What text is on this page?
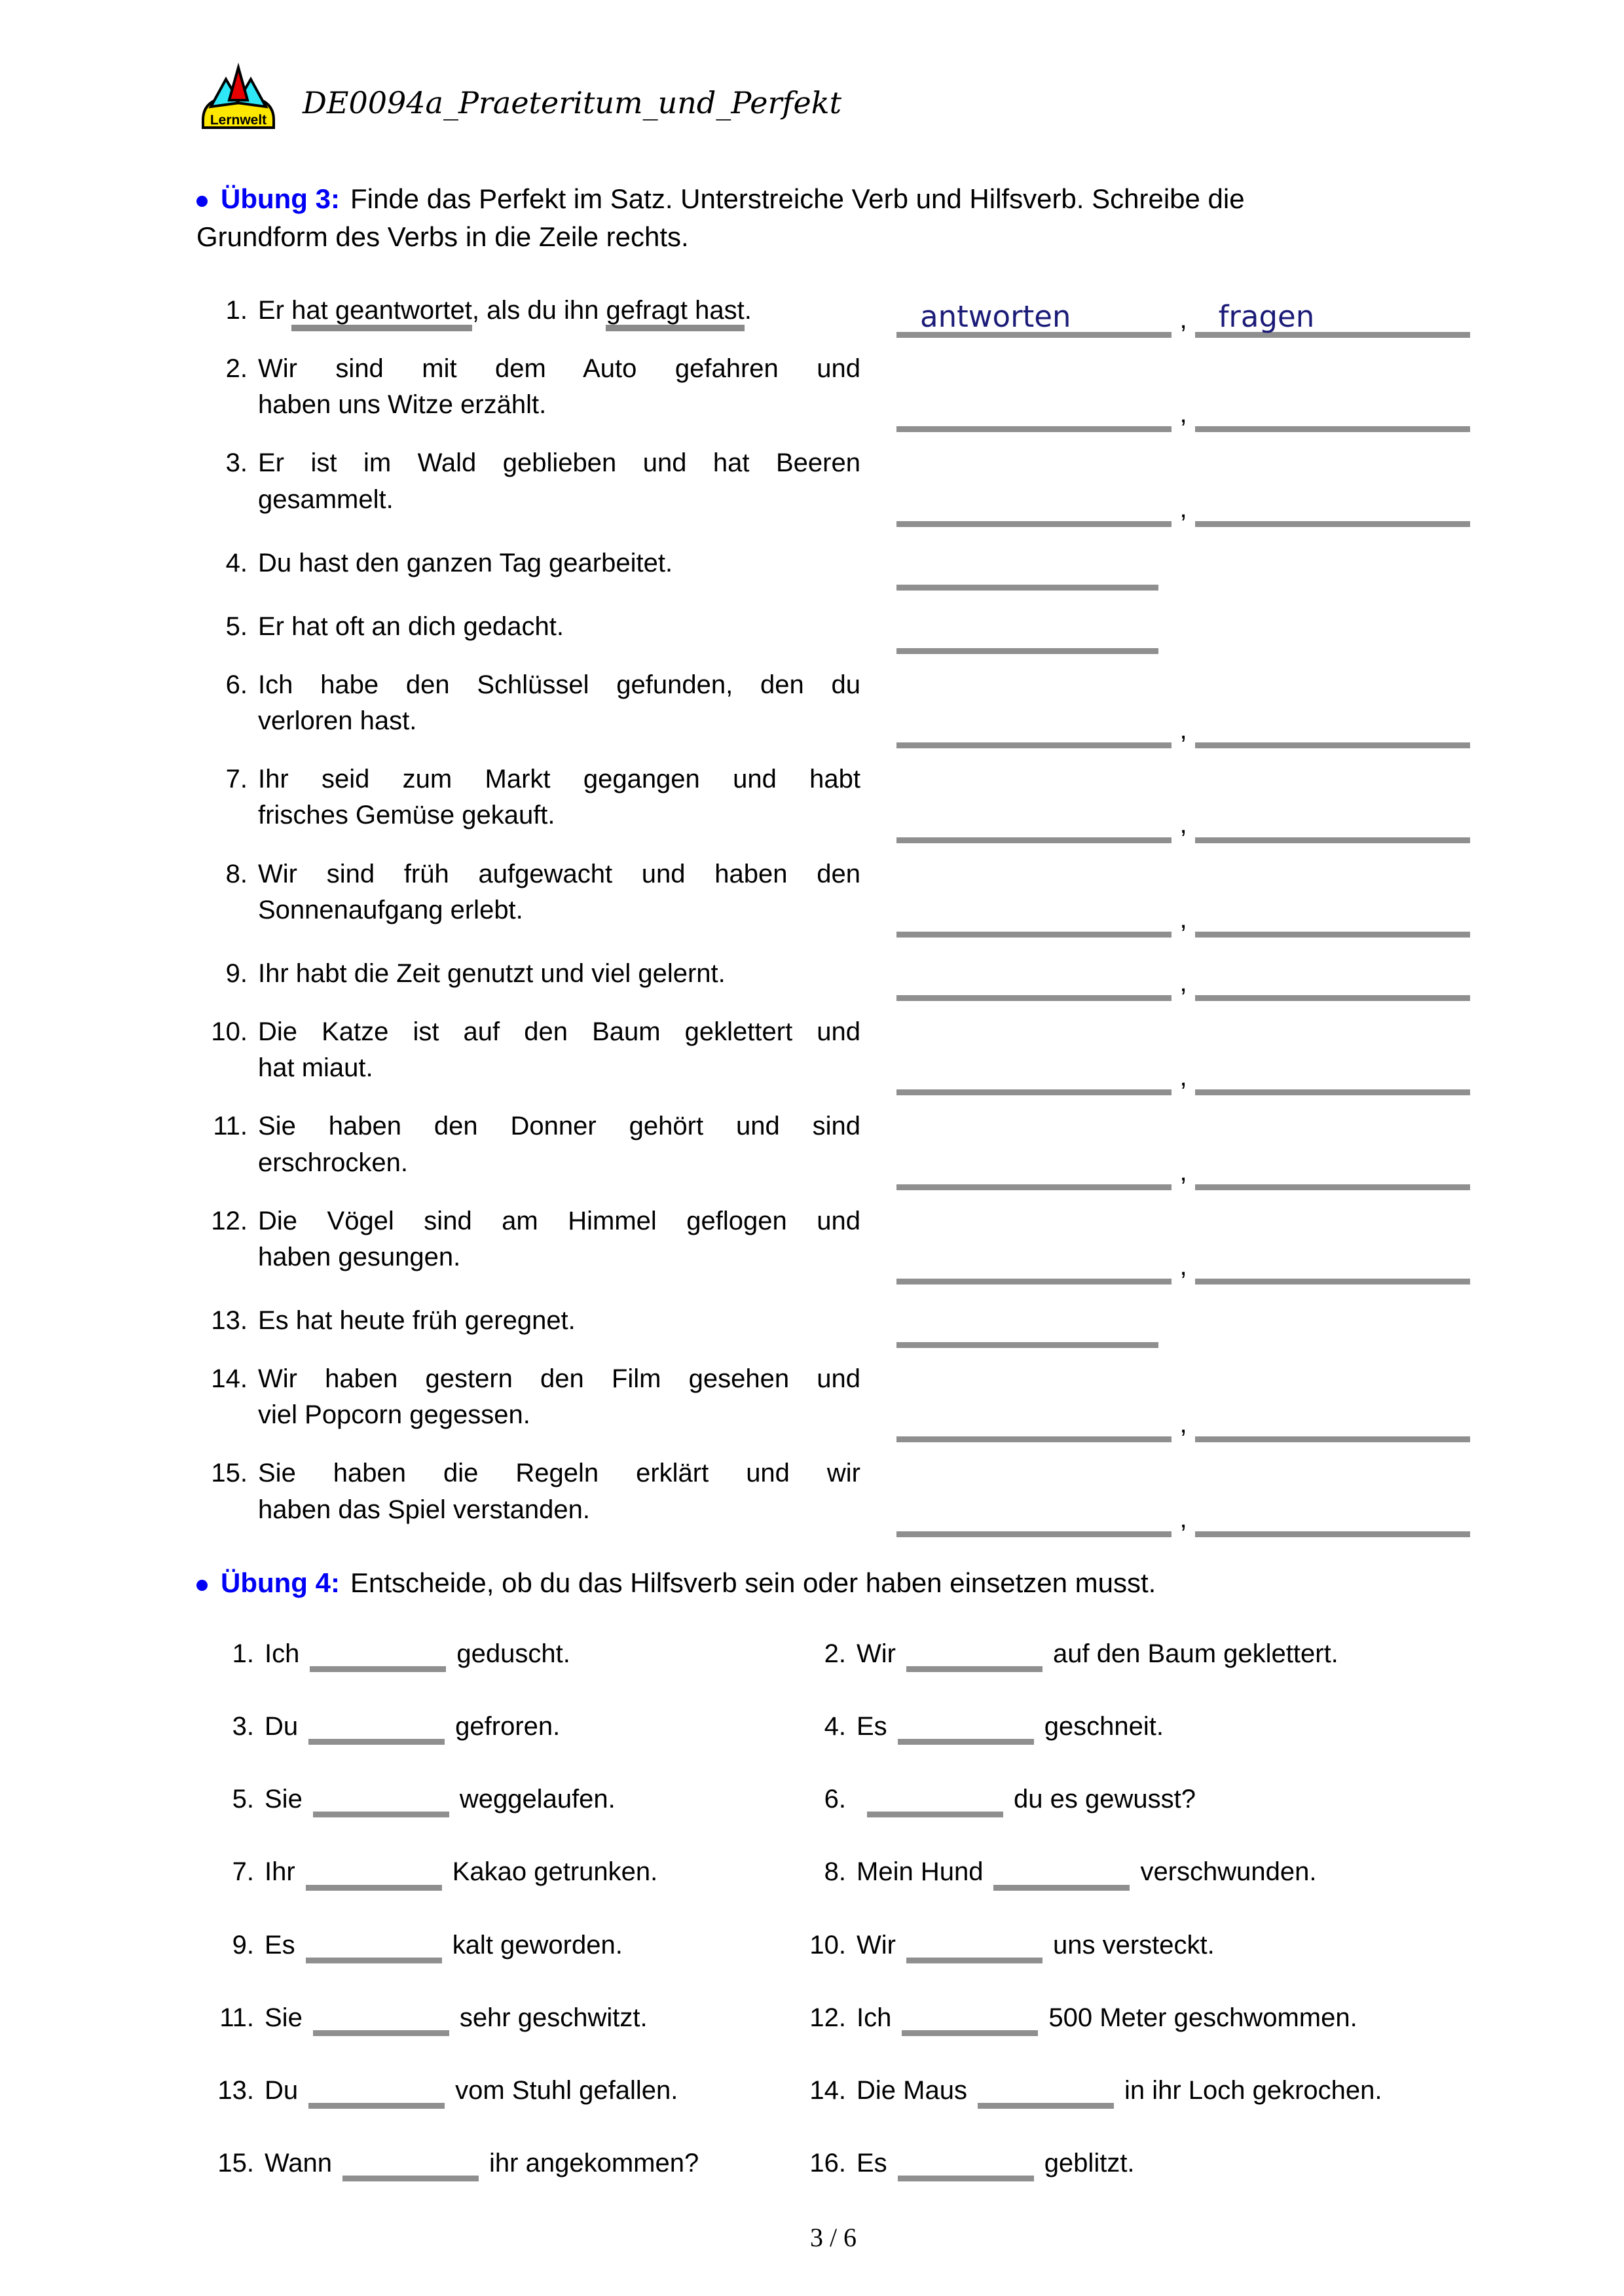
Lernwelt DE0094a_Praeteritum_und_Perfekt
Übung 3: Finde das Perfekt im Satz. Unterstreiche Verb und Hilfsverb. Schreibe die
Grundform des Verbs in die Zeile rechts.
1. Er hat geantwortet, als du ihn gefragt hast.	antworten	,	fragen
2. Wir sind mit dem Auto gefahren und
haben uns Witze erzählt.	,
3. Er ist im Wald geblieben und hat Beeren
gesammelt.	,
4. Du hast den ganzen Tag gearbeitet.
5. Er hat oft an dich gedacht.
6. Ich habe den Schlüssel gefunden, den du
verloren hast.	,
7. Ihr seid zum Markt gegangen und habt
frisches Gemüse gekauft.	,
8. Wir sind früh aufgewacht und haben den
Sonnenaufgang erlebt.	,
9. Ihr habt die Zeit genutzt und viel gelernt.	,
10. Die Katze ist auf den Baum geklettert und
hat miaut.	,
11. Sie haben den Donner gehört und sind
erschrocken.	,
12. Die Vögel sind am Himmel geflogen und
haben gesungen.	,
13. Es hat heute früh geregnet.
14. Wir haben gestern den Film gesehen und
viel Popcorn gegessen.	,
15. Sie haben die Regeln erklärt und wir
haben das Spiel verstanden.	,
Übung 4: Entscheide, ob du das Hilfsverb sein oder haben einsetzen musst.
1. Ich	geduscht.	2. Wir	auf den Baum geklettert.
3. Du	gefroren.	4. Es	geschneit.
5. Sie	weggelaufen.	6.	du es gewusst?
7. Ihr	Kakao getrunken.	8. Mein Hund	verschwunden.
9. Es	kalt geworden.	10. Wir	uns versteckt.
11. Sie	sehr geschwitzt.	12. Ich	500 Meter geschwommen.
13. Du	vom Stuhl gefallen.	14. Die Maus	in ihr Loch gekrochen.
15. Wann	ihr angekommen?	16. Es	geblitzt.
3 / 6
